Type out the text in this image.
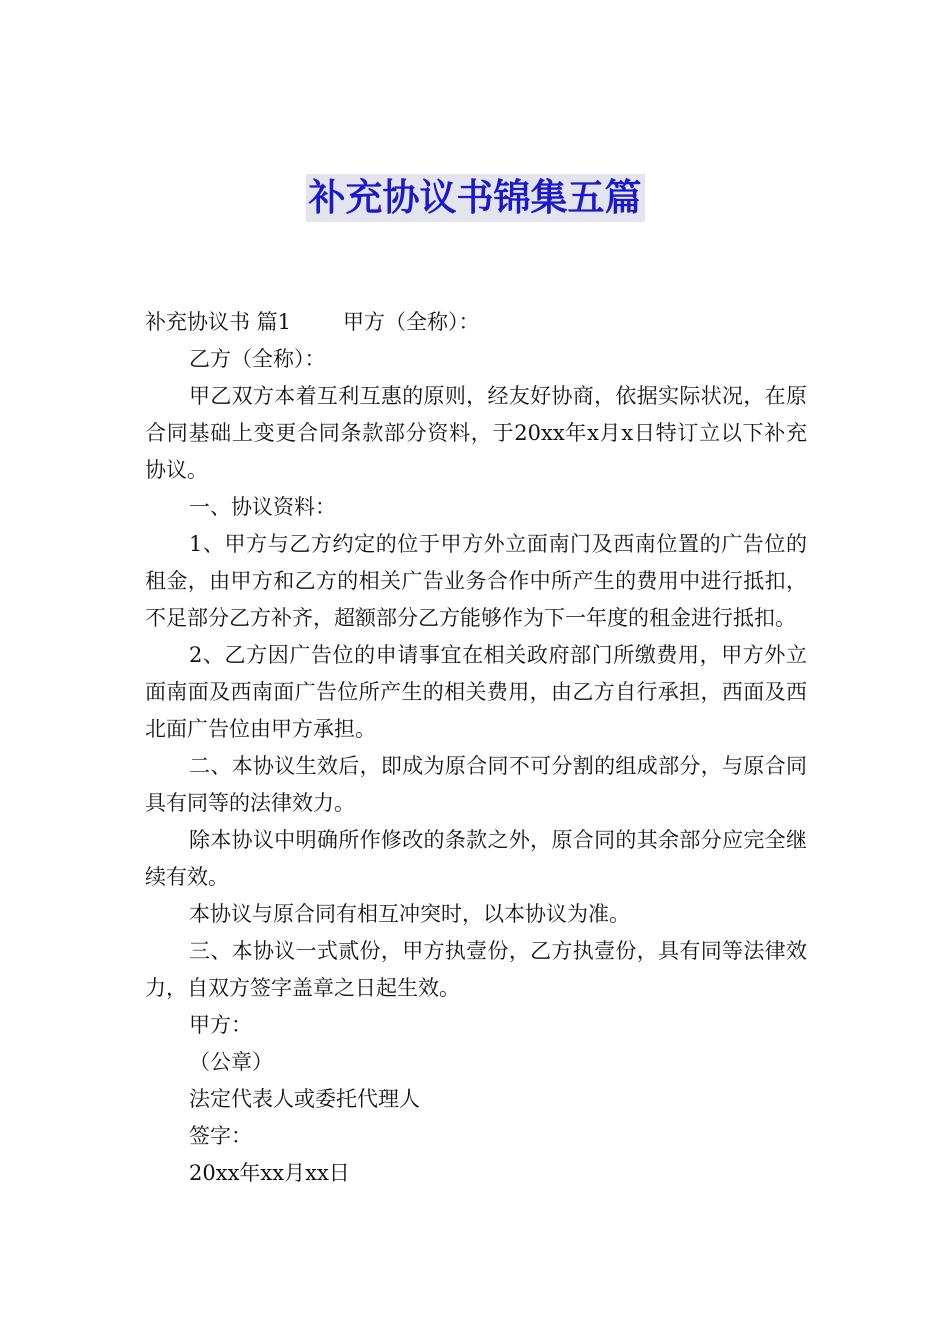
补充协议书锦集五篇

补充协议书 篇1 甲方（全称）：

乙方（全称）：

甲乙双方本着互利互惠的原则，经友好协商，依据实际状况，在原合同基础上变更合同条款部分资料，于20xx年x月x日特订立以下补充协议。

一、协议资料：

1、甲方与乙方约定的位于甲方外立面南门及西南位置的广告位的租金，由甲方和乙方的相关广告业务合作中所产生的费用中进行抵扣，不足部分乙方补齐，超额部分乙方能够作为下一年度的租金进行抵扣。

2、乙方因广告位的申请事宜在相关政府部门所缴费用，甲方外立面南面及西南面广告位所产生的相关费用，由乙方自行承担，西面及西北面广告位由甲方承担。

二、本协议生效后，即成为原合同不可分割的组成部分，与原合同具有同等的法律效力。

除本协议中明确所作修改的条款之外，原合同的其余部分应完全继续有效。

本协议与原合同有相互冲突时，以本协议为准。

三、本协议一式贰份，甲方执壹份，乙方执壹份，具有同等法律效力，自双方签字盖章之日起生效。

甲方：

（公章）

法定代表人或委托代理人

签字：

20xx年xx月xx日
